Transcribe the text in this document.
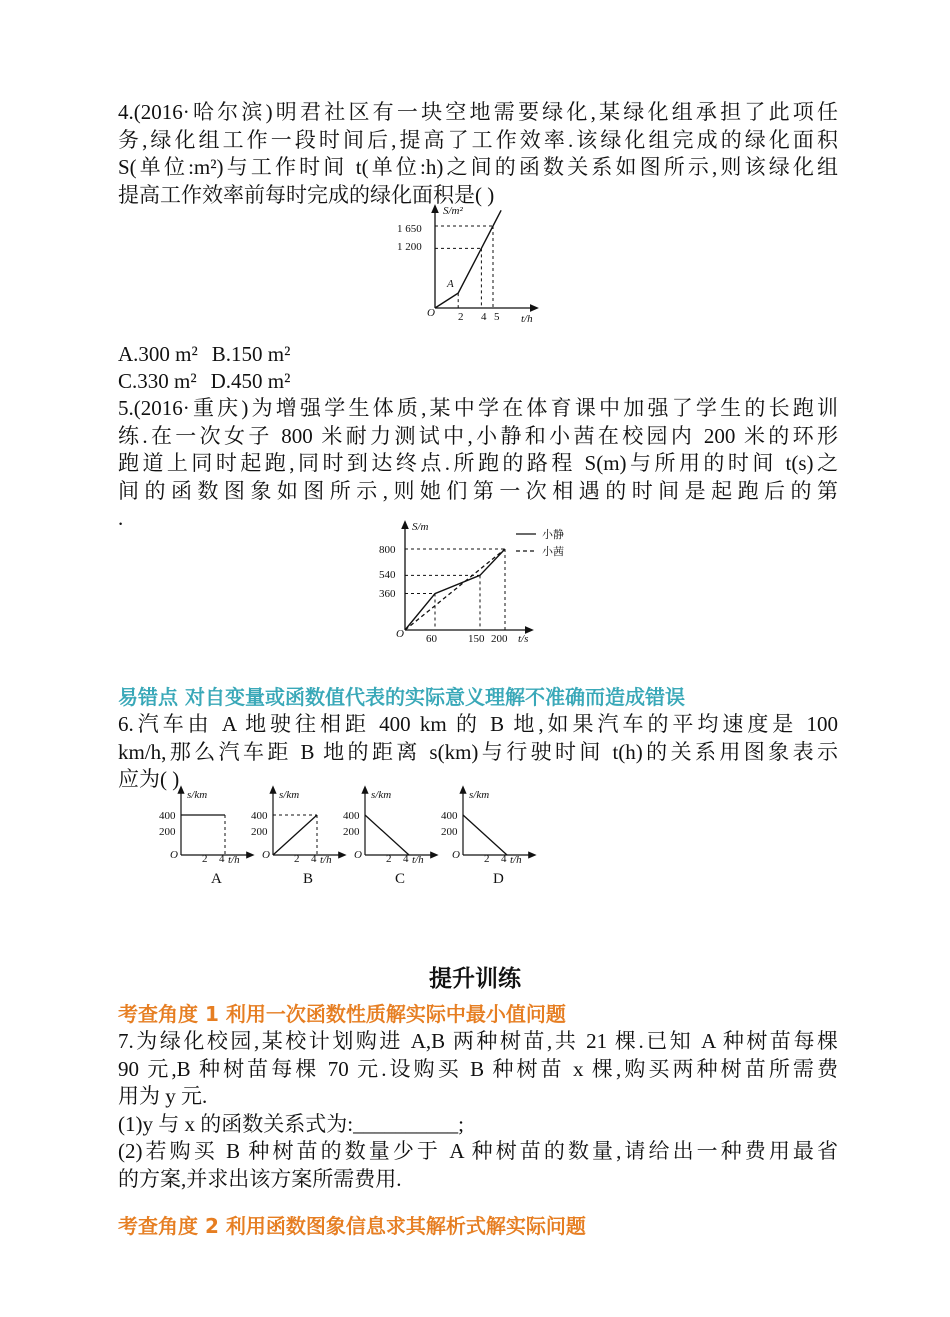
4.(2016·哈尔滨)明君社区有一块空地需要绿化,某绿化组承担了此项任
务,绿化组工作一段时间后,提高了工作效率.该绿化组完成的绿化面积
S(单位:m²)与工作时间 t(单位:h)之间的函数关系如图所示,则该绿化组
提高工作效率前每时完成的绿化面积是( )
S/m²
t/h
O
1 650
1 200
2 4 5
A
A.300 m² B.150 m²
C.330 m² D.450 m²
5.(2016·重庆)为增强学生体质,某中学在体育课中加强了学生的长跑训
练.在一次女子 800 米耐力测试中,小静和小茜在校园内 200 米的环形
跑道上同时起跑,同时到达终点.所跑的路程 S(m)与所用的时间 t(s)之
间的函数图象如图所示,则她们第一次相遇的时间是起跑后的第
.	S/m
t/s
O
800
540
360
60	150 200
小静
小茜
易错点 对自变量或函数值代表的实际意义理解不准确而造成错误
6.汽车由 A 地驶往相距 400 km 的 B 地,如果汽车的平均速度是 100
km/h,那么汽车距 B 地的距离 s(km)与行驶时间 t(h)的关系用图象表示
应为( )
s/km
t/h
O
400
200
2 4
A
s/km
t/h
O
400
200
2 4
B
s/km
t/h
O
400
200
2 4
C
s/km
t/h
O
400
200
2 4
D
提升训练
考查角度 1 利用一次函数性质解实际中最小值问题
7.为绿化校园,某校计划购进 A,B 两种树苗,共 21 棵.已知 A 种树苗每棵
90 元,B 种树苗每棵 70 元.设购买 B 种树苗 x 棵,购买两种树苗所需费
用为 y 元.
(1)y 与 x 的函数关系式为:__________;
(2)若购买 B 种树苗的数量少于 A 种树苗的数量,请给出一种费用最省
的方案,并求出该方案所需费用.
考查角度 2 利用函数图象信息求其解析式解实际问题
